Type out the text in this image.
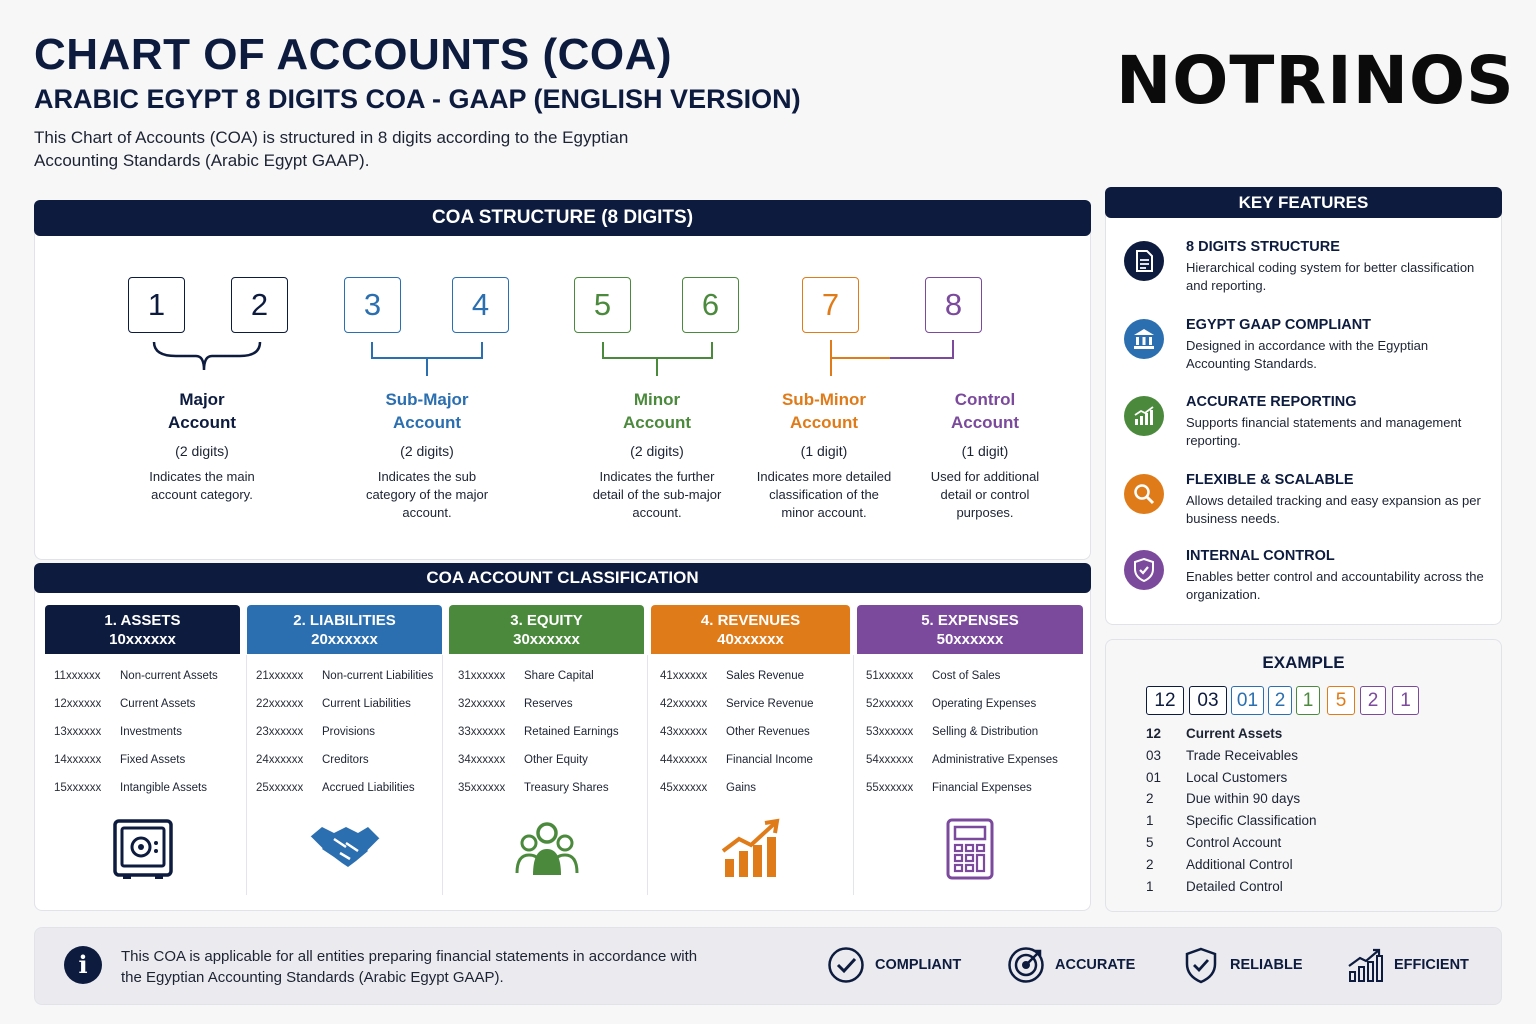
CHART OF ACCOUNTS (COA)
ARABIC EGYPT 8 DIGITS COA - GAAP (ENGLISH VERSION)
This Chart of Accounts (COA) is structured in 8 digits according to the Egyptian Accounting Standards (Arabic Egypt GAAP).
NOTRINOS
COA STRUCTURE (8 DIGITS)
1	2	3	4	5	6	7	8
Major
Account
(2 digits)
Indicates the main account category.
Sub-Major
Account
(2 digits)
Indicates the sub category of the major account.
Minor
Account
(2 digits)
Indicates the further detail of the sub-major account.
Sub-Minor
Account
(1 digit)
Indicates more detailed classification of the minor account.
Control
Account
(1 digit)
Used for additional detail or control purposes.
COA ACCOUNT CLASSIFICATION
1. ASSETS
10xxxxxx
11xxxxxx	Non-current Assets
12xxxxxx	Current Assets
13xxxxxx	Investments
14xxxxxx	Fixed Assets
15xxxxxx	Intangible Assets
2. LIABILITIES
20xxxxxx
21xxxxxx	Non-current Liabilities
22xxxxxx	Current Liabilities
23xxxxxx	Provisions
24xxxxxx	Creditors
25xxxxxx	Accrued Liabilities
3. EQUITY
30xxxxxx
31xxxxxx	Share Capital
32xxxxxx	Reserves
33xxxxxx	Retained Earnings
34xxxxxx	Other Equity
35xxxxxx	Treasury Shares
4. REVENUES
40xxxxxx
41xxxxxx	Sales Revenue
42xxxxxx	Service Revenue
43xxxxxx	Other Revenues
44xxxxxx	Financial Income
45xxxxxx	Gains
5. EXPENSES
50xxxxxx
51xxxxxx	Cost of Sales
52xxxxxx	Operating Expenses
53xxxxxx	Selling & Distribution
54xxxxxx	Administrative Expenses
55xxxxxx	Financial Expenses
KEY FEATURES
8 DIGITS STRUCTURE
Hierarchical coding system for better classification and reporting.
EGYPT GAAP COMPLIANT
Designed in accordance with the Egyptian Accounting Standards.
ACCURATE REPORTING
Supports financial statements and management reporting.
FLEXIBLE & SCALABLE
Allows detailed tracking and easy expansion as per business needs.
INTERNAL CONTROL
Enables better control and accountability across the organization.
EXAMPLE
12	03 01 2 1	5	2	1
12	Current Assets
03	Trade Receivables
01	Local Customers
2	Due within 90 days
1	Specific Classification
5	Control Account
2	Additional Control
1	Detailed Control
i	This COA is applicable for all entities preparing financial statements in accordance with the Egyptian Accounting Standards (Arabic Egypt GAAP).
COMPLIANT	ACCURATE	RELIABLE	EFFICIENT
